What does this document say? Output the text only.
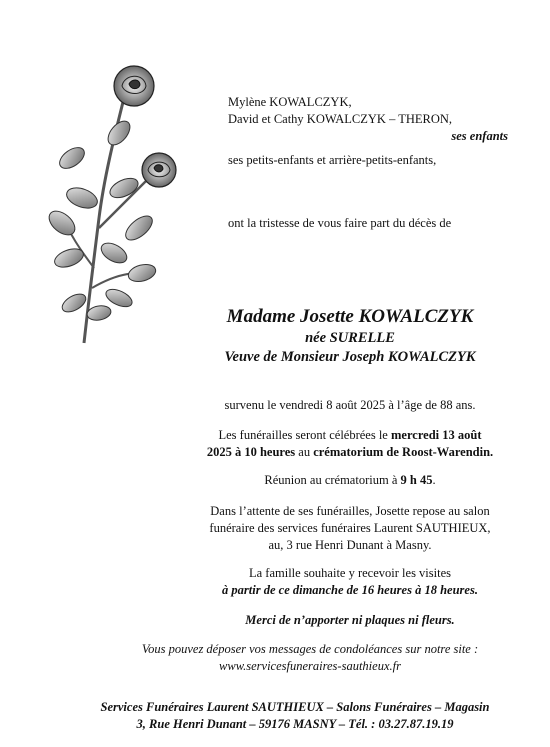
Mylène KOWALCZYK,
David et Cathy KOWALCZYK – THERON,
ses enfants
ses petits-enfants et arrière-petits-enfants,
ont la tristesse de vous faire part du décès de
Madame Josette KOWALCZYK
née SURELLE
Veuve de Monsieur Joseph KOWALCZYK
survenu le vendredi 8 août 2025 à l’âge de 88 ans.
Les funérailles seront célébrées le mercredi 13 août
2025 à 10 heures au crématorium de Roost-Warendin.
Réunion au crématorium à 9 h 45.
Dans l’attente de ses funérailles, Josette repose au salon
funéraire des services funéraires Laurent SAUTHIEUX,
au, 3 rue Henri Dunant à Masny.
La famille souhaite y recevoir les visites
à partir de ce dimanche de 16 heures à 18 heures.
Merci de n’apporter ni plaques ni fleurs.
Vous pouvez déposer vos messages de condoléances sur notre site :
www.servicesfuneraires-sauthieux.fr
Services Funéraires Laurent SAUTHIEUX – Salons Funéraires – Magasin
3, Rue Henri Dunant – 59176 MASNY – Tél. : 03.27.87.19.19
